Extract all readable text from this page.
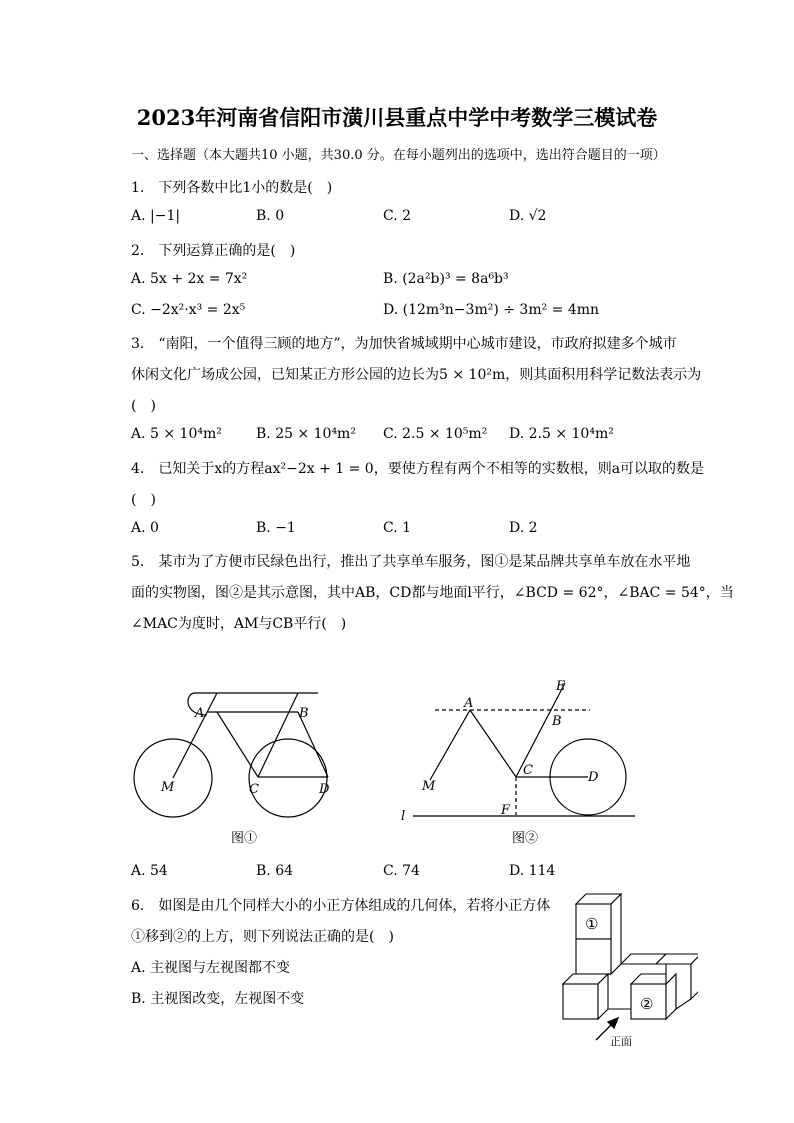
2023年河南省信阳市潢川县重点中学中考数学三模试卷
一、选择题（本大题共10 小题，共30.0 分。在每小题列出的选项中，选出符合题目的一项）
1.　下列各数中比1小的数是(　)
A. |−1|	B. 0	C. 2	D. √2
2.　下列运算正确的是(　)
A. 5x + 2x = 7x²	B. (2a²b)³ = 8a⁶b³
C. −2x²·x³ = 2x⁵	D. (12m³n−3m²) ÷ 3m² = 4mn
3.　“南阳，一个值得三顾的地方”，为加快省城域期中心城市建设，市政府拟建多个城市
休闲文化广场成公园，已知某正方形公园的边长为5 × 10²m，则其面积用科学记数法表示为
(　)
A. 5 × 10⁴m² B. 25 × 10⁴m² C. 2.5 × 10⁵m² D. 2.5 × 10⁴m²
4.　已知关于x的方程ax²−2x + 1 = 0，要使方程有两个不相等的实数根，则a可以取的数是
(　)
A. 0	B. −1	C. 1	D. 2
5.　某市为了方便市民绿色出行，推出了共享单车服务，图①是某品牌共享单车放在水平地
面的实物图，图②是其示意图，其中AB，CD都与地面l平行，∠BCD = 62°，∠BAC = 54°，当
∠MAC为度时，AM与CB平行(　)
A	B
C	D
M
图①
A
B
C	D
M
E
F
l
图②
A. 54	B. 64	C. 74	D. 114
6.　如图是由几个同样大小的小正方体组成的几何体，若将小正方体
①移到②的上方，则下列说法正确的是(　)
A. 主视图与左视图都不变
B. 主视图改变，左视图不变
①
②
正面
